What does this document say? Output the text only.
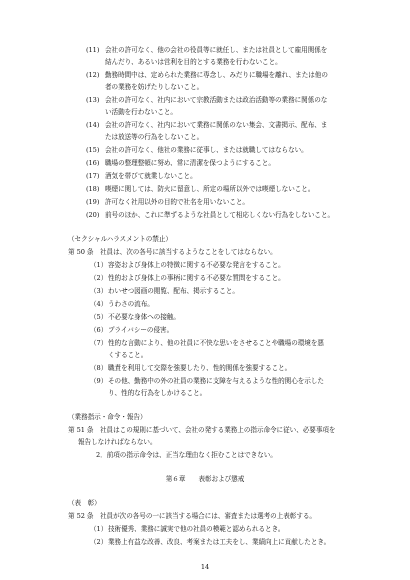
(11) 会社の許可なく、他の会社の役員等に就任し、または社員として雇用関係を
結んだり、あるいは営利を目的とする業務を行わないこと。
(12) 勤務時間中は、定められた業務に専念し、みだりに職場を離れ、または他の
者の業務を妨げたりしないこと。
(13) 会社の許可なく、社内において宗教活動または政治活動等の業務に関係のな
い活動を行わないこと。
(14) 会社の許可なく、社内において業務に関係のない集会、文書掲示、配布、ま
たは放送等の行為をしないこと。
(15) 会社の許可なく、他社の業務に従事し、または就職してはならない。
(16) 職場の整理整頓に努め、常に清潔を保つようにすること。
(17) 酒気を帯びて就業しないこと。
(18) 喫煙に関しては、防火に留意し、所定の場所以外では喫煙しないこと。
(19) 許可なく社用以外の目的で社名を用いないこと。
(20) 前号のほか、これに準ずるような社員として相応しくない行為をしないこと。
（セクシャルハラスメントの禁止）
第 50 条　社員は、次の各号に該当するようなことをしてはならない。
（1） 容姿および身体上の特徴に関する不必要な発言をすること。
（2） 性的および身体上の事柄に関する不必要な質問をすること。
（3） わいせつ図画の閲覧、配布、掲示すること。
（4） うわさの流布。
（5） 不必要な身体への接触。
（6） プライバシーの侵害。
（7） 性的な言動により、他の社員に不快な思いをさせることや職場の環境を悪
くすること。
（8） 職責を利用して交際を強要したり、性的関係を強要すること。
（9） その他、勤務中の外の社員の業務に支障を与えるような性的関心を示した
り、性的な行為をしかけること。
（業務指示・命令・報告）
第 51 条　社員はこの規則に基づいて、会社の発する業務上の指示命令に従い、必要事項を
報告しなければならない。
2．前項の指示命令は、正当な理由なく拒むことはできない。
第６章　　表彰および懲戒
（表　彰）
第 52 条　社員が次の各号の一に該当する場合には、審査または選考の上表彰する。
（1） 技術優秀、業務に誠実で他の社員の模範と認められるとき。
（2） 業務上有益な改善、改良、考案または工夫をし、業績向上に貢献したとき。
14
